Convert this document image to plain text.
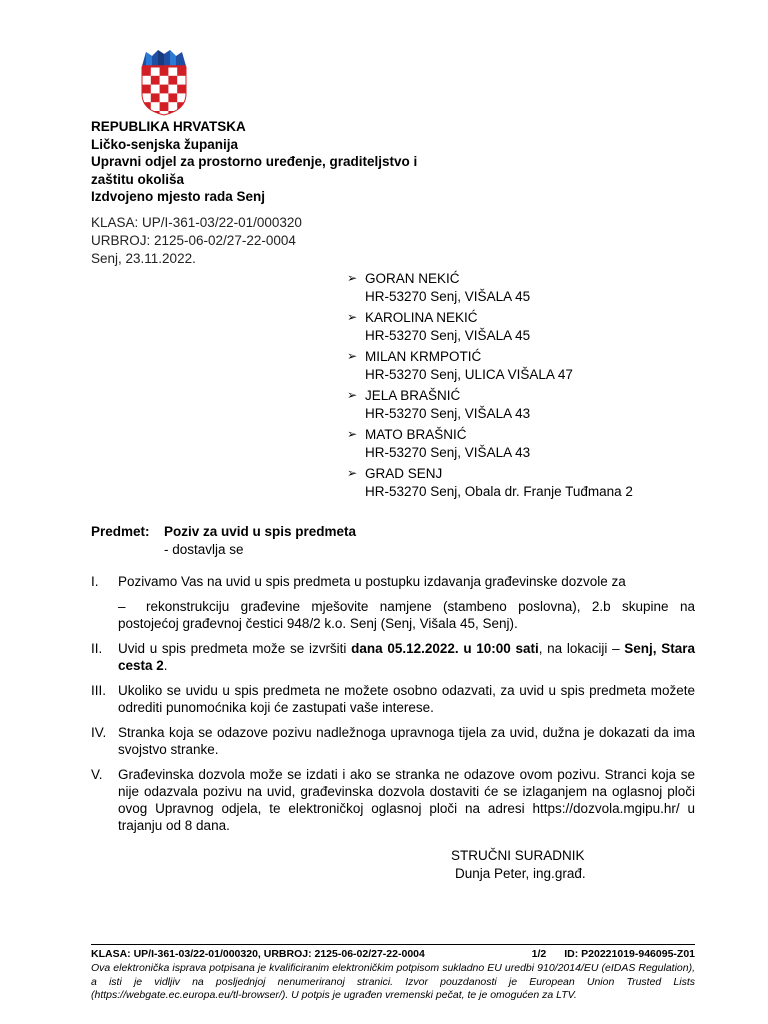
REPUBLIKA HRVATSKA
Ličko-senjska županija
Upravni odjel za prostorno uređenje, graditeljstvo i
zaštitu okoliša
Izdvojeno mjesto rada Senj
KLASA: UP/I-361-03/22-01/000320
URBROJ: 2125-06-02/27-22-0004
Senj, 23.11.2022.
➢ GORAN NEKIĆ
HR-53270 Senj, VIŠALA 45
➢ KAROLINA NEKIĆ
HR-53270 Senj, VIŠALA 45
➢ MILAN KRMPOTIĆ
HR-53270 Senj, ULICA VIŠALA 47
➢ JELA BRAŠNIĆ
HR-53270 Senj, VIŠALA 43
➢ MATO BRAŠNIĆ
HR-53270 Senj, VIŠALA 43
➢ GRAD SENJ
HR-53270 Senj, Obala dr. Franje Tuđmana 2
Predmet: Poziv za uvid u spis predmeta
- dostavlja se
I. Pozivamo Vas na uvid u spis predmeta u postupku izdavanja građevinske dozvole za
– rekonstrukciju građevine mješovite namjene (stambeno poslovna), 2.b skupine na postojećoj građevnoj čestici 948/2 k.o. Senj (Senj, Višala 45, Senj).
II. Uvid u spis predmeta može se izvršiti dana 05.12.2022. u 10:00 sati, na lokaciji – Senj, Stara cesta 2.
III. Ukoliko se uvidu u spis predmeta ne možete osobno odazvati, za uvid u spis predmeta možete odrediti punomoćnika koji će zastupati vaše interese.
IV. Stranka koja se odazove pozivu nadležnoga upravnoga tijela za uvid, dužna je dokazati da ima svojstvo stranke.
V. Građevinska dozvola može se izdati i ako se stranka ne odazove ovom pozivu. Stranci koja se nije odazvala pozivu na uvid, građevinska dozvola dostaviti će se izlaganjem na oglasnoj ploči ovog Upravnog odjela, te elektroničkoj oglasnoj ploči na adresi https://dozvola.mgipu.hr/ u trajanju od 8 dana.
STRUČNI SURADNIK
Dunja Peter, ing.građ.
KLASA: UP/I-361-03/22-01/000320, URBROJ: 2125-06-02/27-22-0004	1/2 ID: P20221019-946095-Z01
Ova elektronička isprava potpisana je kvalificiranim elektroničkim potpisom sukladno EU uredbi 910/2014/EU (eIDAS Regulation), a isti je vidljiv na posljednjoj nenumeriranoj stranici. Izvor pouzdanosti je European Union Trusted Lists (https://webgate.ec.europa.eu/tl-browser/). U potpis je ugrađen vremenski pečat, te je omogućen za LTV.
